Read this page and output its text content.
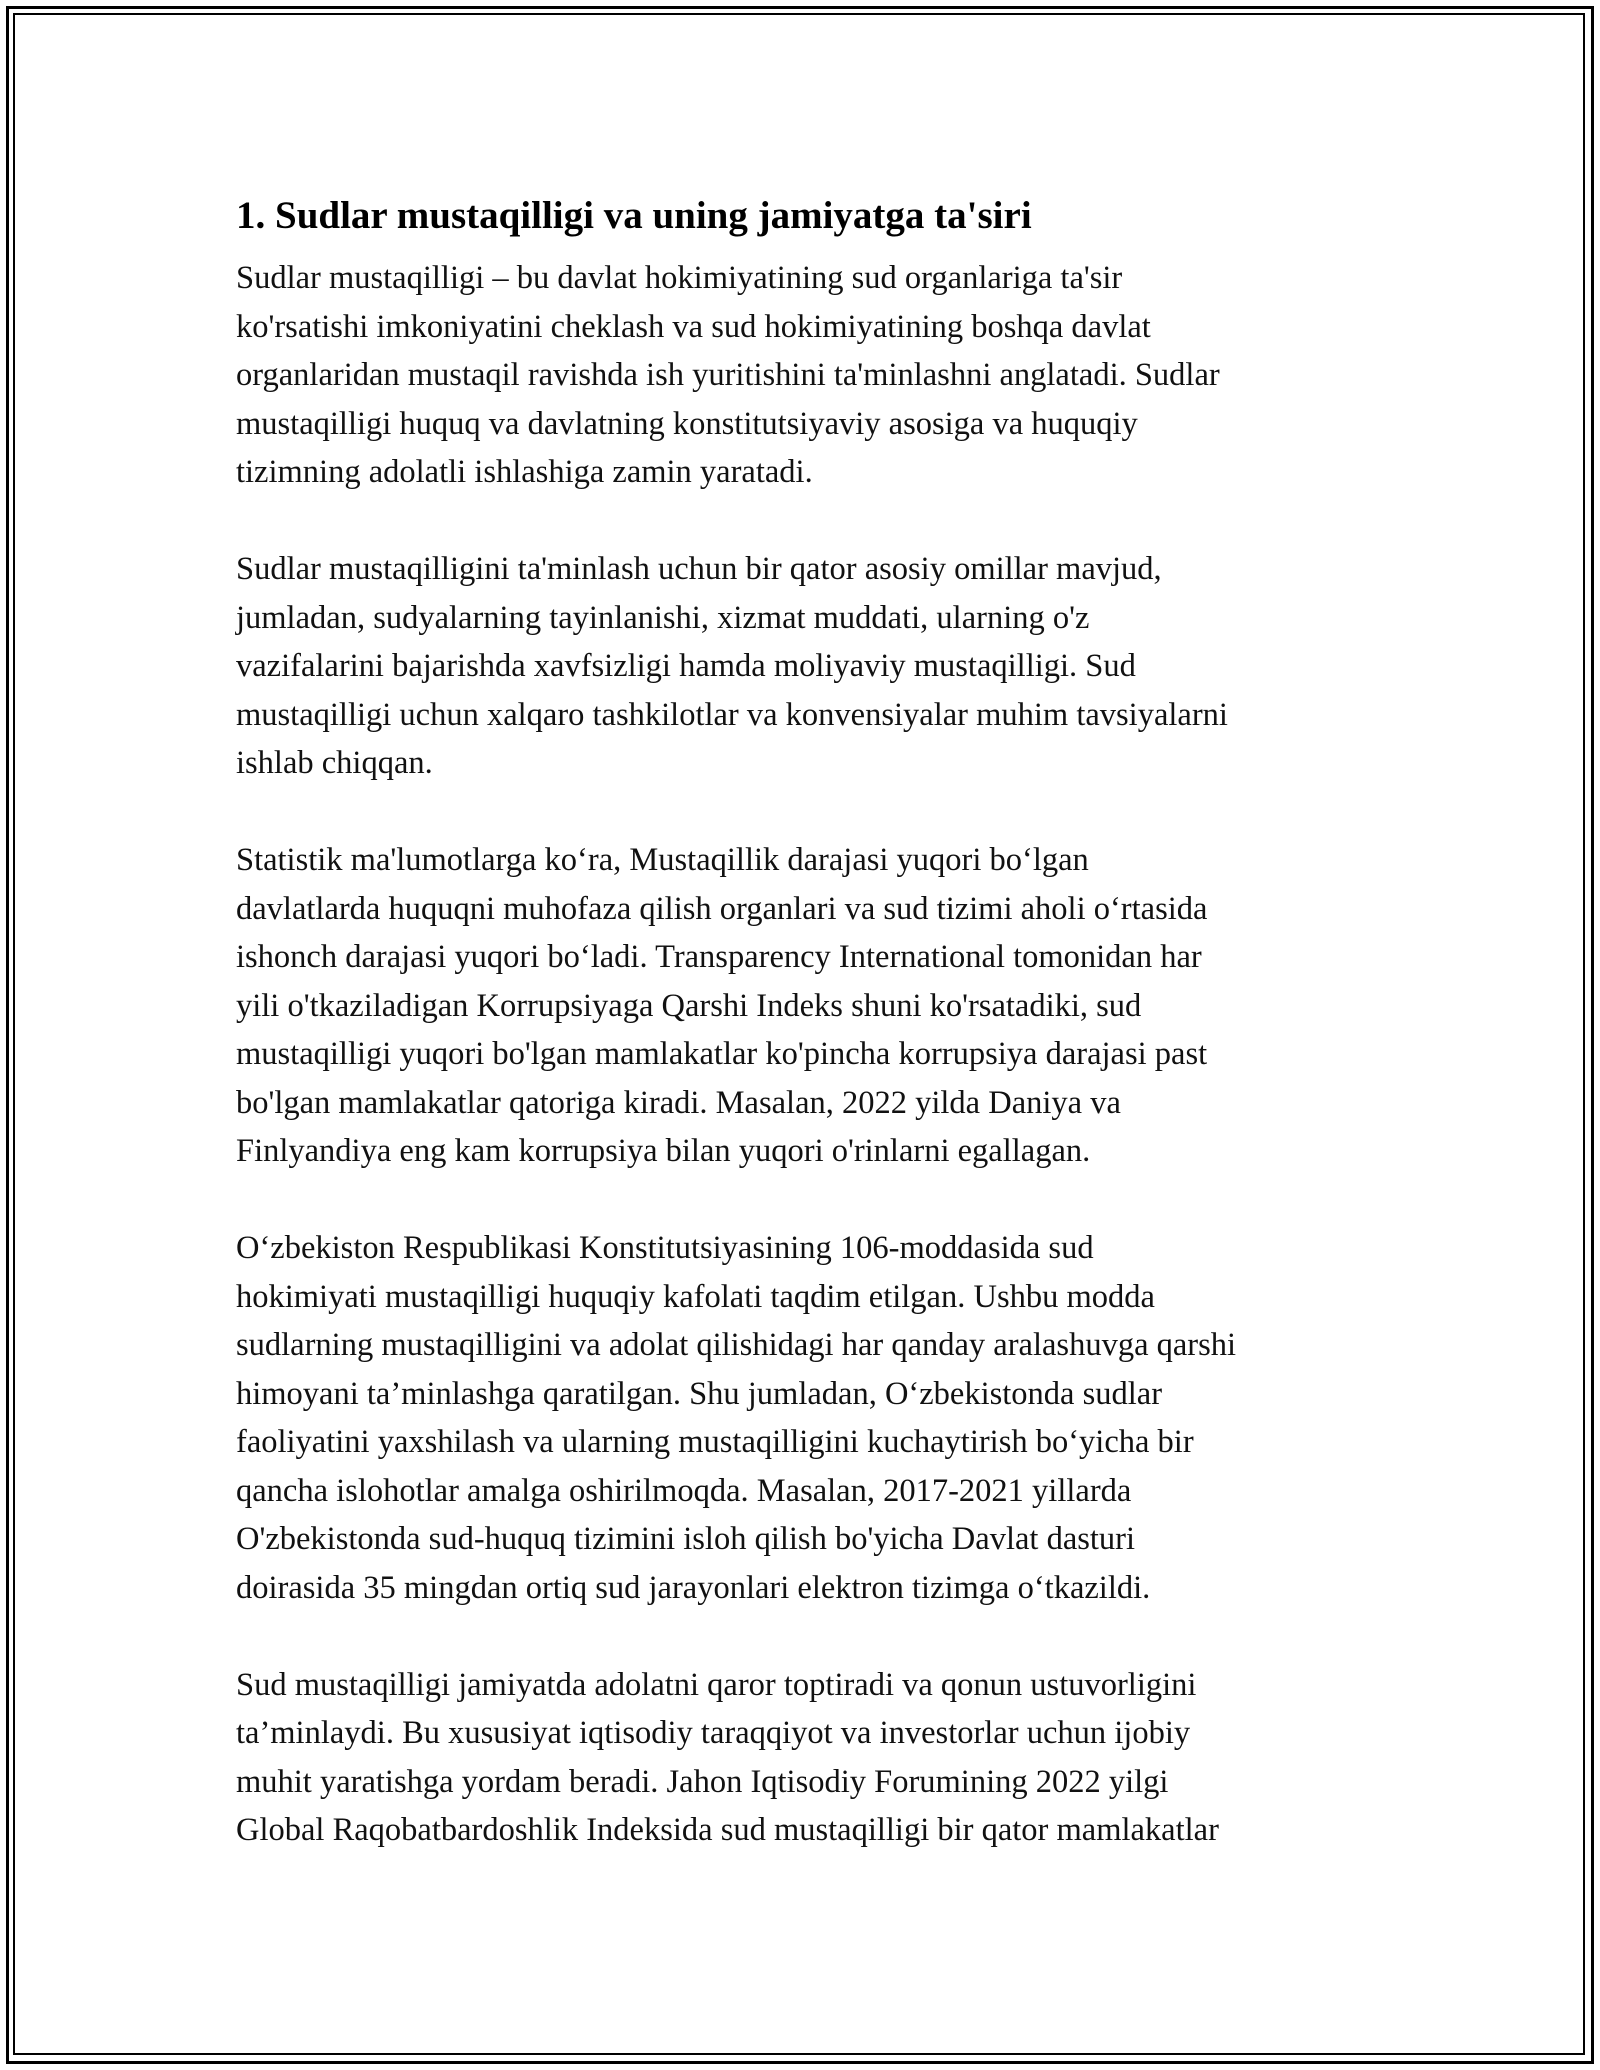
1. Sudlar mustaqilligi va uning jamiyatga ta'siri

Sudlar mustaqilligi – bu davlat hokimiyatining sud organlariga ta'sir
ko'rsatishi imkoniyatini cheklash va sud hokimiyatining boshqa davlat
organlaridan mustaqil ravishda ish yuritishini ta'minlashni anglatadi. Sudlar
mustaqilligi huquq va davlatning konstitutsiyaviy asosiga va huquqiy
tizimning adolatli ishlashiga zamin yaratadi.

Sudlar mustaqilligini ta'minlash uchun bir qator asosiy omillar mavjud,
jumladan, sudyalarning tayinlanishi, xizmat muddati, ularning o'z
vazifalarini bajarishda xavfsizligi hamda moliyaviy mustaqilligi. Sud
mustaqilligi uchun xalqaro tashkilotlar va konvensiyalar muhim tavsiyalarni
ishlab chiqqan.

Statistik ma'lumotlarga ko‘ra, Mustaqillik darajasi yuqori bo‘lgan
davlatlarda huquqni muhofaza qilish organlari va sud tizimi aholi o‘rtasida
ishonch darajasi yuqori bo‘ladi. Transparency International tomonidan har
yili o'tkaziladigan Korrupsiyaga Qarshi Indeks shuni ko'rsatadiki, sud
mustaqilligi yuqori bo'lgan mamlakatlar ko'pincha korrupsiya darajasi past
bo'lgan mamlakatlar qatoriga kiradi. Masalan, 2022 yilda Daniya va
Finlyandiya eng kam korrupsiya bilan yuqori o'rinlarni egallagan.

O‘zbekiston Respublikasi Konstitutsiyasining 106-moddasida sud
hokimiyati mustaqilligi huquqiy kafolati taqdim etilgan. Ushbu modda
sudlarning mustaqilligini va adolat qilishidagi har qanday aralashuvga qarshi
himoyani ta’minlashga qaratilgan. Shu jumladan, O‘zbekistonda sudlar
faoliyatini yaxshilash va ularning mustaqilligini kuchaytirish bo‘yicha bir
qancha islohotlar amalga oshirilmoqda. Masalan, 2017-2021 yillarda
O'zbekistonda sud-huquq tizimini isloh qilish bo'yicha Davlat dasturi
doirasida 35 mingdan ortiq sud jarayonlari elektron tizimga o‘tkazildi.

Sud mustaqilligi jamiyatda adolatni qaror toptiradi va qonun ustuvorligini
ta’minlaydi. Bu xususiyat iqtisodiy taraqqiyot va investorlar uchun ijobiy
muhit yaratishga yordam beradi. Jahon Iqtisodiy Forumining 2022 yilgi
Global Raqobatbardoshlik Indeksida sud mustaqilligi bir qator mamlakatlar
